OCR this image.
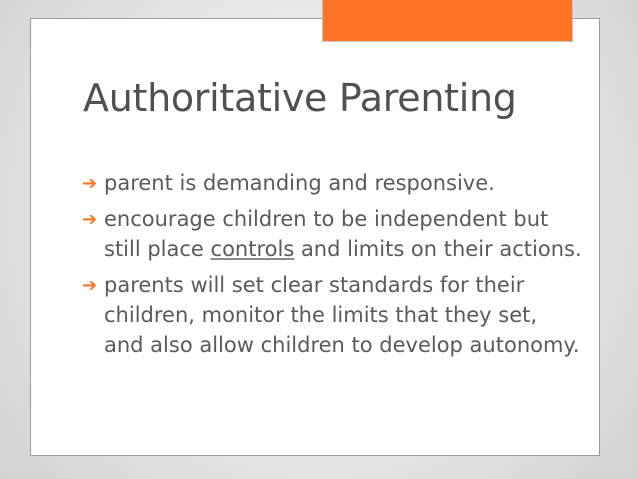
Authoritative Parenting
➔ parent is demanding and responsive.
➔ encourage children to be independent but still place controls and limits on their actions.
➔ parents will set clear standards for their children, monitor the limits that they set, and also allow children to develop autonomy.
